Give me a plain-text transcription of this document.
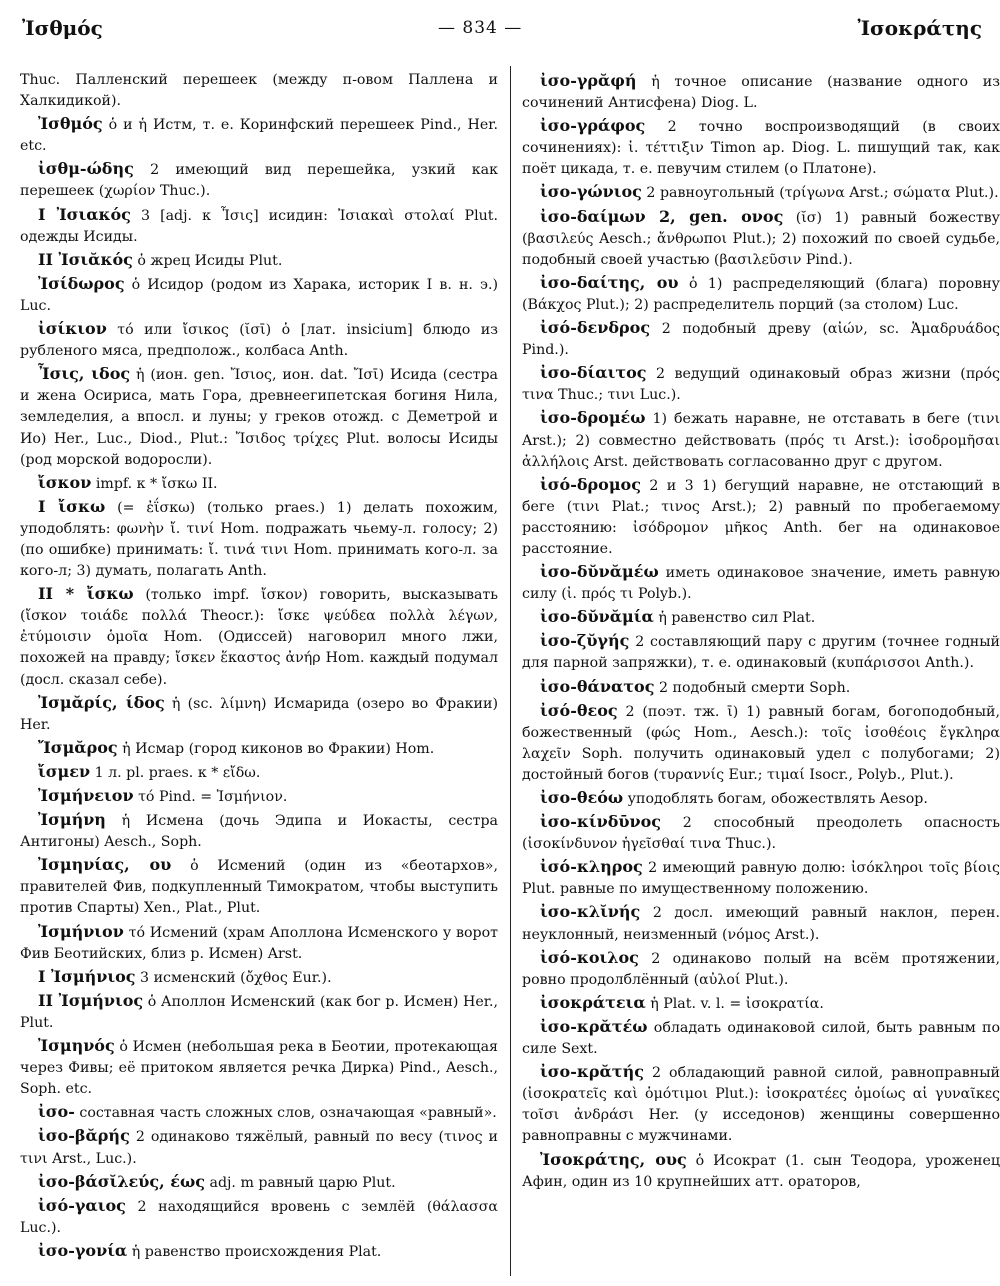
Ἰσθμός	— 834 —	Ἰσοκράτης

Thuc. Палленский перешеек (между п-овом Паллена и Халкидикой).

Ἰσθμός ὁ и ἡ Истм, т. е. Коринфский перешеек Pind., Her. etc.

ἰσθμ-ώδης 2 имеющий вид перешейка, узкий как перешеек (χωρίον Thuc.).

I Ἰσιακός 3 [adj. к Ἶσις] исидин: Ἰσιακαὶ στολαί Plut. одежды Исиды.

II Ἰσιᾰκός ὁ жрец Исиды Plut.

Ἰσίδωρος ὁ Исидор (родом из Харака, историк I в. н. э.) Luc.

ἰσίκιον τό или ἴσικος (ῐσῑ) ὁ [лат. insicium] блюдо из рубленого мяса, предполож., колбаса Anth.

Ἶσις, ιδος ἡ (ион. gen. Ἴσιος, ион. dat. Ἴσῑ) Исида (сестра и жена Осириса, мать Гора, древнеегипетская богиня Нила, земледелия, а впосл. и луны; у греков отожд. с Деметрой и Ио) Her., Luc., Diod., Plut.: Ἴσιδος τρίχες Plut. волосы Исиды (род морской водоросли).

ἴσκον impf. к * ἴσκω II.

I ἴσκω (= ἐΐσκω) (только praes.) 1) делать похожим, уподоблять: φωνὴν ἴ. τινί Hom. подражать чьему-л. голосу; 2) (по ошибке) принимать: ἴ. τινά τινι Hom. принимать кого-л. за кого-л; 3) думать, полагать Anth.

II * ἴσκω (только impf. ἴσκον) говорить, высказывать (ἴσκον τοιάδε πολλά Theocr.): ἴσκε ψεύδεα πολλὰ λέγων, ἐτύμοισιν ὁμοῖα Hom. (Одиссей) наговорил много лжи, похожей на правду; ἴσκεν ἕκαστος ἀνήρ Hom. каждый подумал (досл. сказал себе).

Ἰσμᾰρίς, ίδος ἡ (sc. λίμνη) Исмарида (озеро во Фракии) Her.

Ἴσμᾰρος ἡ Исмар (город киконов во Фракии) Hom.

ἴσμεν 1 л. pl. praes. к * εἴδω.

Ἰσμήνειον τό Pind. = Ἰσμήνιον.

Ἰσμήνη ἡ Исмена (дочь Эдипа и Иокасты, сестра Антигоны) Aesch., Soph.

Ἰσμηνίας, ου ὁ Исмений (один из «беотархов», правителей Фив, подкупленный Тимократом, чтобы выступить против Спарты) Xen., Plat., Plut.

Ἰσμήνιον τό Исмений (храм Аполлона Исменского у ворот Фив Беотийских, близ р. Исмен) Arst.

I Ἰσμήνιος 3 исменский (ὄχθος Eur.).

II Ἰσμήνιος ὁ Аполлон Исменский (как бог р. Исмен) Her., Plut.

Ἰσμηνός ὁ Исмен (небольшая река в Беотии, протекающая через Фивы; её притоком является речка Дирка) Pind., Aesch., Soph. etc.

ἰσο- составная часть сложных слов, означающая «равный».

ἰσο-βᾰρής 2 одинаково тяжёлый, равный по весу (τινος и τινι Arst., Luc.).

ἰσο-βάσῐλεύς, έως adj. m равный царю Plut.

ἰσό-γαιος 2 находящийся вровень с землёй (θάλασσα Luc.).

ἰσο-γονία ἡ равенство происхождения Plat.

ἰσο-γρᾰφή ἡ точное описание (название одного из сочинений Антисфена) Diog. L.

ἰσο-γράφος 2 точно воспроизводящий (в своих сочинениях): ἰ. τέττιξιν Timon ap. Diog. L. пишущий так, как поёт цикада, т. е. певучим стилем (о Платоне).

ἰσο-γώνιος 2 равноугольный (τρίγωνα Arst.; σώματα Plut.).

ἰσο-δαίμων 2, gen. ονος (ῐσ) 1) равный божеству (βασιλεύς Aesch.; ἄνθρωποι Plut.); 2) похожий по своей судьбе, подобный своей участью (βασιλεῦσιν Pind.).

ἰσο-δαίτης, ου ὁ 1) распределяющий (блага) поровну (Βάκχος Plut.); 2) распределитель порций (за столом) Luc.

ἰσό-δενδρος 2 подобный древу (αἰών, sc. Ἁμαδρυάδος Pind.).

ἰσο-δίαιτος 2 ведущий одинаковый образ жизни (πρός τινα Thuc.; τινι Luc.).

ἰσο-δρομέω 1) бежать наравне, не отставать в беге (τινι Arst.); 2) совместно действовать (πρός τι Arst.): ἰσοδρομῆσαι ἀλλήλοις Arst. действовать согласованно друг с другом.

ἰσό-δρομος 2 и 3 1) бегущий наравне, не отстающий в беге (τινι Plat.; τινος Arst.); 2) равный по пробегаемому расстоянию: ἰσόδρομον μῆκος Anth. бег на одинаковое расстояние.

ἰσο-δῠνᾰμέω иметь одинаковое значение, иметь равную силу (ἰ. πρός τι Polyb.).

ἰσο-δῠνᾰμία ἡ равенство сил Plat.

ἰσο-ζῠγής 2 составляющий пару с другим (точнее годный для парной запряжки), т. е. одинаковый (κυπάρισσοι Anth.).

ἰσο-θάνατος 2 подобный смерти Soph.

ἰσό-θεος 2 (поэт. тж. ῑ) 1) равный богам, богоподобный, божественный (φώς Hom., Aesch.): τοῖς ἰσοθέοις ἔγκληρα λαχεῖν Soph. получить одинаковый удел с полубогами; 2) достойный богов (τυραννίς Eur.; τιμαί Isocr., Polyb., Plut.).

ἰσο-θεόω уподоблять богам, обожествлять Aesop.

ἰσο-κίνδῡνος 2 способный преодолеть опасность (ἰσοκίνδυνον ἡγεῖσθαί τινα Thuc.).

ἰσό-κληρος 2 имеющий равную долю: ἰσόκληροι τοῖς βίοις Plut. равные по имущественному положению.

ἰσο-κλῐνής 2 досл. имеющий равный наклон, перен. неуклонный, неизменный (νόμος Arst.).

ἰσό-κοιλος 2 одинаково полый на всём протяжении, ровно продолблённый (αὐλοί Plut.).

ἰσοκράτεια ἡ Plat. v. l. = ἰσοκρατία.

ἰσο-κρᾰτέω обладать одинаковой силой, быть равным по силе Sext.

ἰσο-κρᾰτής 2 обладающий равной силой, равноправный (ἰσοκρατεῖς καὶ ὁμότιμοι Plut.): ἰσοκρατέες ὁμοίως αἱ γυναῖκες τοῖσι ἀνδράσι Her. (у исседонов) женщины совершенно равноправны с мужчинами.

Ἰσοκράτης, ους ὁ Исократ (1. сын Теодора, уроженец Афин, один из 10 крупнейших атт. ораторов,
